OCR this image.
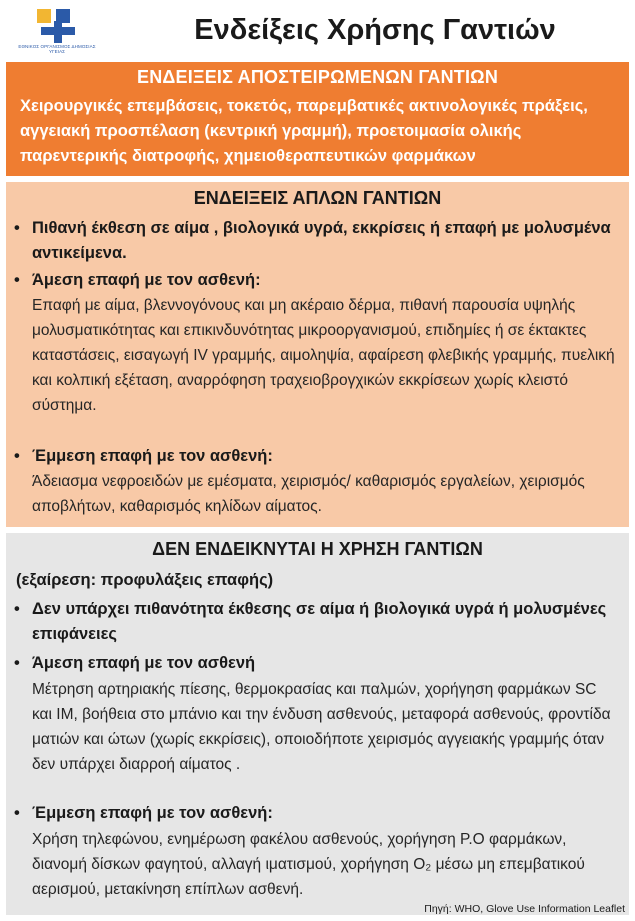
ΕΘΝΙΚΟΣ ΟΡΓΑΝΙΣΜΟΣ ΔΗΜΟΣΙΑΣ ΥΓΕΙΑΣ
Ενδείξεις Χρήσης Γαντιών
ΕΝΔΕΙΞΕΙΣ ΑΠΟΣΤΕΙΡΩΜΕΝΩΝ ΓΑΝΤΙΩΝ
Χειρουργικές επεμβάσεις, τοκετός, παρεμβατικές ακτινολογικές πράξεις, αγγειακή προσπέλαση (κεντρική γραμμή), προετοιμασία ολικής παρεντερικής διατροφής, χημειοθεραπευτικών φαρμάκων
ΕΝΔΕΙΞΕΙΣ ΑΠΛΩΝ ΓΑΝΤΙΩΝ
• Πιθανή έκθεση σε αίμα , βιολογικά υγρά, εκκρίσεις ή επαφή με μολυσμένα αντικείμενα.
• Άμεση επαφή με τον ασθενή:
Επαφή με αίμα, βλεννογόνους και μη ακέραιο δέρμα, πιθανή παρουσία υψηλής μολυσματικότητας και επικινδυνότητας μικροοργανισμού, επιδημίες ή σε έκτακτες καταστάσεις, εισαγωγή IV γραμμής, αιμοληψία, αφαίρεση φλεβικής γραμμής, πυελική και κολπική εξέταση, αναρρόφηση τραχειοβρογχικών εκκρίσεων χωρίς κλειστό σύστημα.
• Έμμεση επαφή με τον ασθενή:
Άδειασμα νεφροειδών με εμέσματα, χειρισμός/ καθαρισμός εργαλείων, χειρισμός αποβλήτων, καθαρισμός κηλίδων αίματος.
ΔΕΝ ΕΝΔΕΙΚΝΥΤΑΙ Η ΧΡΗΣΗ ΓΑΝΤΙΩΝ
(εξαίρεση: προφυλάξεις επαφής)
• Δεν υπάρχει πιθανότητα έκθεσης σε αίμα ή βιολογικά υγρά ή μολυσμένες επιφάνειες
• Άμεση επαφή με τον ασθενή
Μέτρηση αρτηριακής πίεσης, θερμοκρασίας και παλμών, χορήγηση φαρμάκων SC και IM, βοήθεια στο μπάνιο και την ένδυση ασθενούς, μεταφορά ασθενούς, φροντίδα ματιών και ώτων (χωρίς εκκρίσεις), οποιοδήποτε χειρισμός αγγειακής γραμμής όταν δεν υπάρχει διαρροή αίματος .
• Έμμεση επαφή με τον ασθενή:
Χρήση τηλεφώνου, ενημέρωση φακέλου ασθενούς, χορήγηση P.O φαρμάκων, διανομή δίσκων φαγητού, αλλαγή ιματισμού, χορήγηση O₂ μέσω μη επεμβατικού αερισμού, μετακίνηση επίπλων ασθενή.
Πηγή: WHO, Glove Use Information Leaflet
